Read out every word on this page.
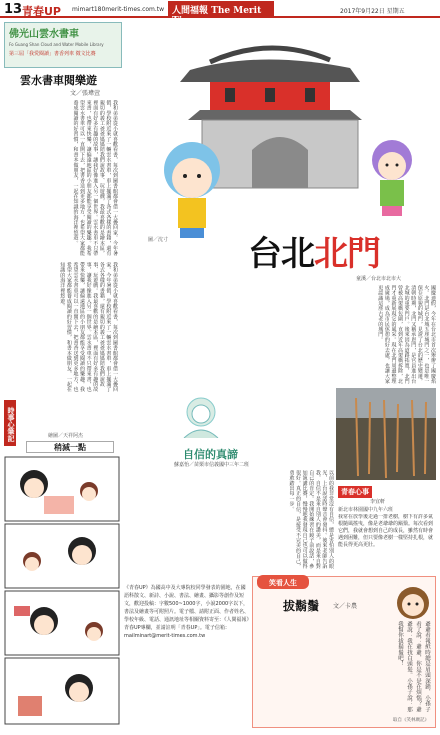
13 青春UP mimart180merit-times.com.tw 人間福報 The Merit Times
2017年9月22日 星期五
佛光山雲水書車
Fo Guang Shan Cloud and Water Mobile Library
第三屆「我愛閱讀」書香列車 徵文比賽
雲水書車閱樂遊
文／張瑋萱
我和弟弟從小就喜歡看書，每次到圖書館都會借一大疊回家。今年暑假，學校附近來了一輛雲水書車，車上擺滿了各式各樣的書籍，還有親切的義工爸爸媽媽陪我們說故事、玩遊戲。我最喜歡的是繪本區，裡面有好多有趣的故事，讓我好像進入另一個世界。雲水書車不只帶來書，也帶來快樂，讓偏遠地區的小朋友都能享受閱讀的樂趣。我希望雲水書車可以一直開下去，把書香送到更多地方，也希望大家都能養成閱讀的好習慣，和書本做朋友，一起在知識的海洋裡悠遊。
我和弟弟從小就喜歡看書，每次到圖書館都會借一大疊回家。今年暑假，學校附近來了一輛雲水書車，車上擺滿了各式各樣的書籍，還有親切的義工爸爸媽媽陪我們說故事、玩遊戲。我最喜歡的是繪本區，裡面有好多有趣的故事，讓我好像進入另一個世界。雲水書車不只帶來書，也帶來快樂，讓偏遠地區的小朋友都能享受閱讀的樂趣。我希望雲水書車可以一直開下去，把書香送到更多地方，也希望大家都能養成閱讀的好習慣，和書本做朋友，一起在知識的海洋裡悠遊。
時事心筆記	繪圖／天祥阿杰
稍減一點
圖／沈寸 台北北門
童溪／台北市北市大
國慶連假，今年在台北市首次舉辦了國慶焰火。北門是台北城五座城門之一，也是唯一保存原貌的城門，見證了台北的歷史變遷。清朝時期，北門又稱承恩門，是官員進出台北城的重要門戶。後來因為道路拓寬，北門曾被高架橋包圍，直到近年高架橋拆除，北門才重新展現它的風采。現在北門周邊整理成廣場，成為市民休憩的好去處，也讓大家更認識這座古老的城門。
自信的真諦
蘇嘉怡／苗栗市信義國中三年二班
以前的我非常沒有自信，總是害怕別人的眼光，上台說話時聲音會發抖。後來老師告訴我，自信不是來自別人的讚美，而是來自對自己的肯定。我開始練習在鏡子前說話，參加演講比賽，慢慢地我發現自己也可以做得很好。真正的自信，是接受不完美的自己，勇敢踏出每一步。	青春心事
李宜軒
新北市林園國中九年六班
我常在放學後走過一排老樹，樹下有許多氣根隨風搖曳，像是老爺爺的鬍鬚。每次看到它們，我就會想到自己的成長，雖然有時會遇到困難，但只要像老樹一樣堅持扎根，就能長得更高更壯。
《青春UP》為國高中及大專院校同學發表的園地，在國語科散文、新詩、小說、書法、繪畫、攝影等創作及短文，歡迎投稿：字數500~1000字，小說2000字以下，書法及繪畫等可附照片。電子檔、請附正面、作者姓名、學校年級、電話、通訊地址等相關資料寄至：《人間福報》青春UP專欄，並請註明「青春UP」。電子信箱：mailminart@merit-times.com.tw
笑看人生
拔鬍鬚 文／卡農
爺爺看報紙時總是眉頭深鎖，小孫子看了說：爺爺，你是不是在煩惱？爺爺說：我在找白頭髮。小孫子說：那我幫你拔鬍鬚吧！
取自《笑林廣記》
